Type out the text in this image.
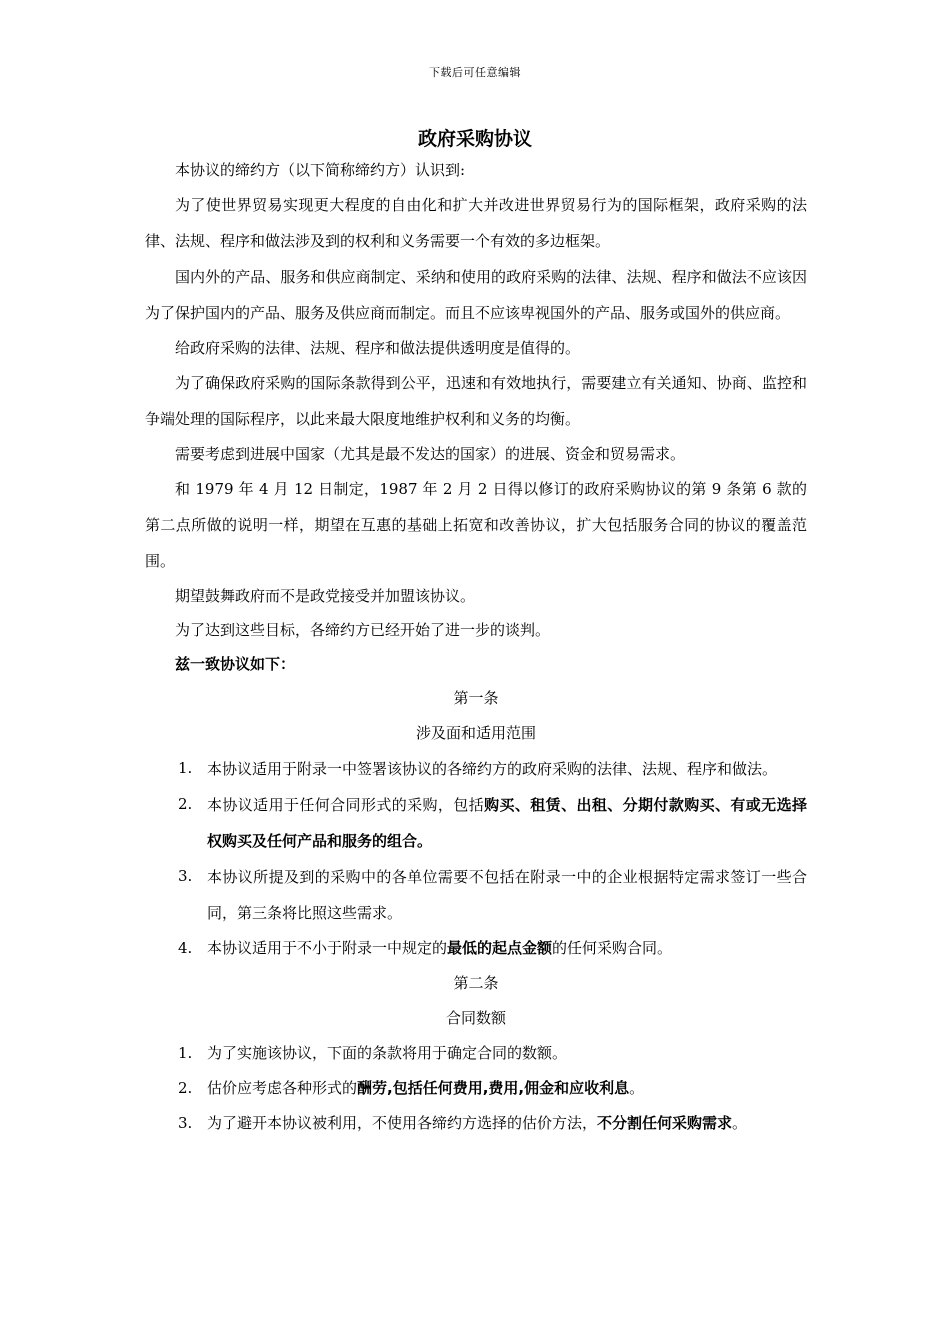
下载后可任意编辑
政府采购协议

本协议的缔约方（以下简称缔约方）认识到:

为了使世界贸易实现更大程度的自由化和扩大并改进世界贸易行为的国际框架，政府采购的法律、法规、程序和做法涉及到的权利和义务需要一个有效的多边框架。

国内外的产品、服务和供应商制定、采纳和使用的政府采购的法律、法规、程序和做法不应该因为了保护国内的产品、服务及供应商而制定。而且不应该卑视国外的产品、服务或国外的供应商。

给政府采购的法律、法规、程序和做法提供透明度是值得的。

为了确保政府采购的国际条款得到公平，迅速和有效地执行，需要建立有关通知、协商、监控和争端处理的国际程序，以此来最大限度地维护权利和义务的均衡。

需要考虑到进展中国家（尤其是最不发达的国家）的进展、资金和贸易需求。

和 1979 年 4 月 12 日制定，1987 年 2 月 2 日得以修订的政府采购协议的第 9 条第 6 款的第二点所做的说明一样，期望在互惠的基础上拓宽和改善协议，扩大包括服务合同的协议的覆盖范围。

期望鼓舞政府而不是政党接受并加盟该协议。

为了达到这些目标，各缔约方已经开始了进一步的谈判。

兹一致协议如下：

第一条

涉及面和适用范围

1. 本协议适用于附录一中签署该协议的各缔约方的政府采购的法律、法规、程序和做法。
2. 本协议适用于任何合同形式的采购，包括购买、租赁、出租、分期付款购买、有或无选择权购买及任何产品和服务的组合。
3. 本协议所提及到的采购中的各单位需要不包括在附录一中的企业根据特定需求签订一些合同，第三条将比照这些需求。
4. 本协议适用于不小于附录一中规定的最低的起点金额的任何采购合同。

第二条

合同数额

1. 为了实施该协议，下面的条款将用于确定合同的数额。
2. 估价应考虑各种形式的酬劳,包括任何费用,费用,佣金和应收利息。
3. 为了避开本协议被利用，不使用各缔约方选择的估价方法，不分割任何采购需求。
